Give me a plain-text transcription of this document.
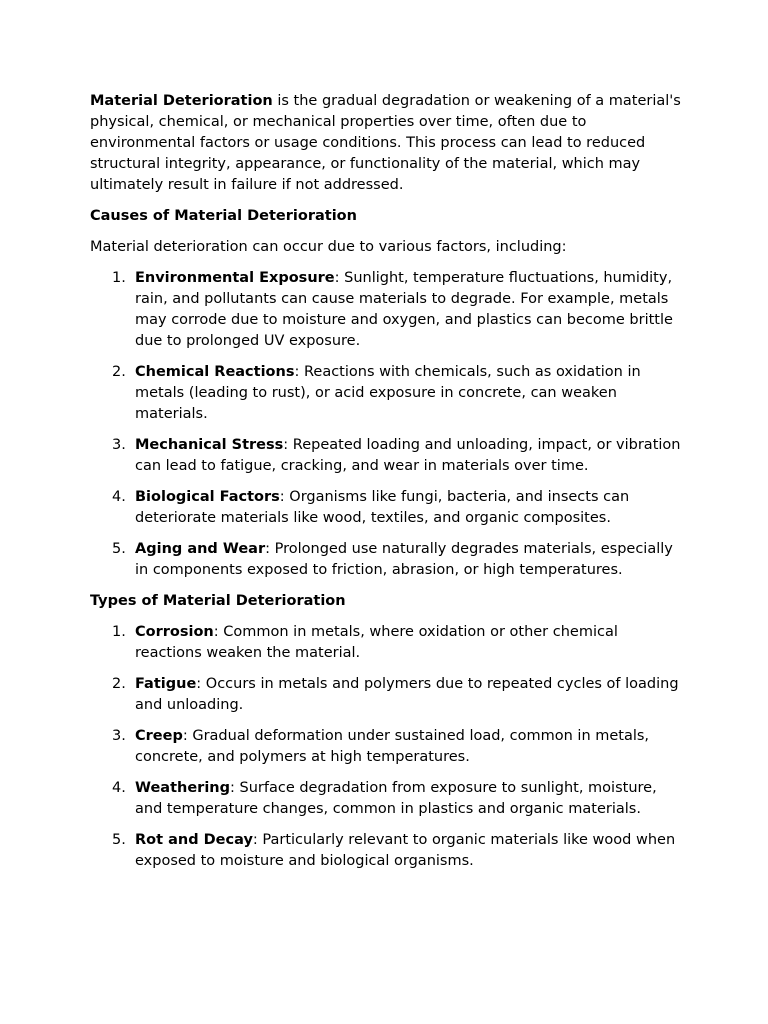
Material Deterioration is the gradual degradation or weakening of a material's physical, chemical, or mechanical properties over time, often due to environmental factors or usage conditions. This process can lead to reduced structural integrity, appearance, or functionality of the material, which may ultimately result in failure if not addressed.

Causes of Material Deterioration

Material deterioration can occur due to various factors, including:

1. Environmental Exposure: Sunlight, temperature fluctuations, humidity, rain, and pollutants can cause materials to degrade. For example, metals may corrode due to moisture and oxygen, and plastics can become brittle due to prolonged UV exposure.
2. Chemical Reactions: Reactions with chemicals, such as oxidation in metals (leading to rust), or acid exposure in concrete, can weaken materials.
3. Mechanical Stress: Repeated loading and unloading, impact, or vibration can lead to fatigue, cracking, and wear in materials over time.
4. Biological Factors: Organisms like fungi, bacteria, and insects can deteriorate materials like wood, textiles, and organic composites.
5. Aging and Wear: Prolonged use naturally degrades materials, especially in components exposed to friction, abrasion, or high temperatures.
Types of Material Deterioration
1. Corrosion: Common in metals, where oxidation or other chemical reactions weaken the material.
2. Fatigue: Occurs in metals and polymers due to repeated cycles of loading and unloading.
3. Creep: Gradual deformation under sustained load, common in metals, concrete, and polymers at high temperatures.
4. Weathering: Surface degradation from exposure to sunlight, moisture, and temperature changes, common in plastics and organic materials.
5. Rot and Decay: Particularly relevant to organic materials like wood when exposed to moisture and biological organisms.
